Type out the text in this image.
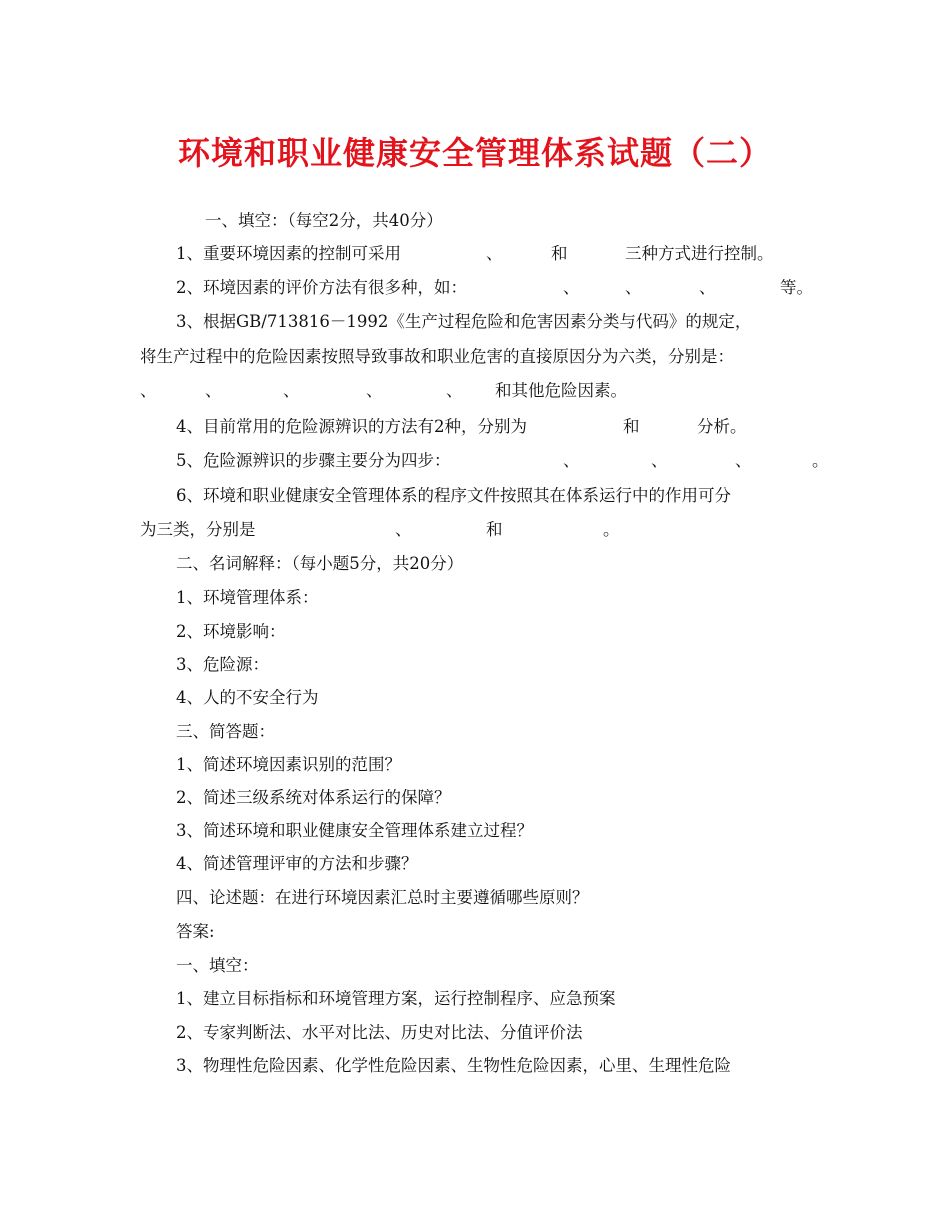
环境和职业健康安全管理体系试题（二）
一、填空：（每空2分，共40分）
1、重要环境因素的控制可采用	、	和	三种方式进行控制。
2、环境因素的评价方法有很多种，如：	、	、	、	等。
3、根据GB/713816－1992《生产过程危险和危害因素分类与代码》的规定，
将生产过程中的危险因素按照导致事故和职业危害的直接原因分为六类，分别是：
、	、	、	、	、 和其他危险因素。
4、目前常用的危险源辨识的方法有2种，分别为	和	分析。
5、危险源辨识的步骤主要分为四步：	、	、	、	。
6、环境和职业健康安全管理体系的程序文件按照其在体系运行中的作用可分
为三类，分别是	、	和	。
二、名词解释：（每小题5分，共20分）
1、环境管理体系：
2、环境影响：
3、危险源：
4、人的不安全行为
三、简答题：
1、简述环境因素识别的范围？
2、简述三级系统对体系运行的保障？
3、简述环境和职业健康安全管理体系建立过程？
4、简述管理评审的方法和步骤？
四、论述题：在进行环境因素汇总时主要遵循哪些原则？
答案:
一、填空：
1、建立目标指标和环境管理方案，运行控制程序、应急预案
2、专家判断法、水平对比法、历史对比法、分值评价法
3、物理性危险因素、化学性危险因素、生物性危险因素，心里、生理性危险
